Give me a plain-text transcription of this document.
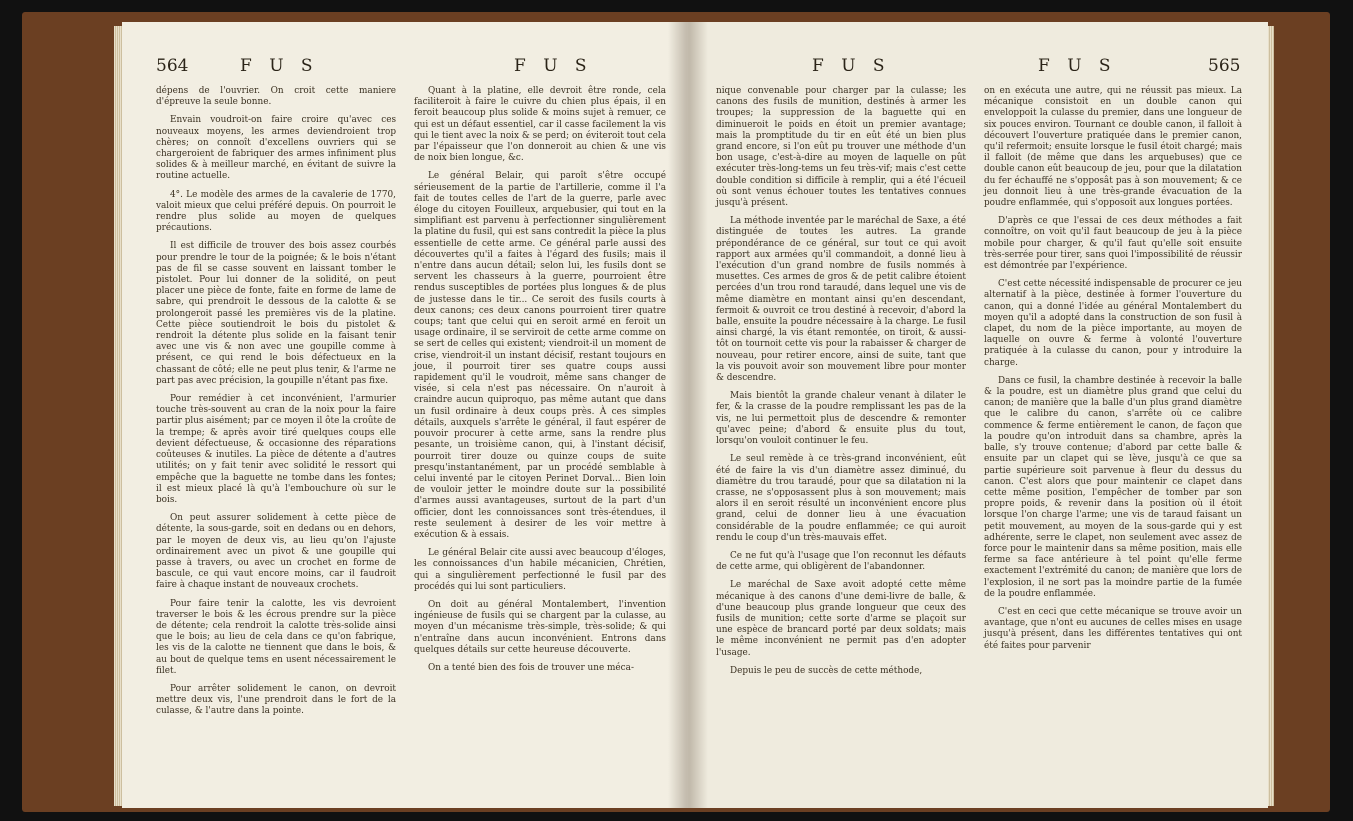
564	F U S	F U S

dépens de l'ouvrier. On croit cette maniere d'épreuve la seule bonne.

Envain voudroit-on faire croire qu'avec ces nouveaux moyens, les armes deviendroient trop chères; on connoît d'excellens ouvriers qui se chargeroient de fabriquer des armes infiniment plus solides & à meilleur marché, en évitant de suivre la routine actuelle.

4°. Le modèle des armes de la cavalerie de 1770, valoit mieux que celui préféré depuis. On pourroit le rendre plus solide au moyen de quelques précautions.

Il est difficile de trouver des bois assez courbés pour prendre le tour de la poignée; & le bois n'étant pas de fil se casse souvent en laissant tomber le pistolet. Pour lui donner de la solidité, on peut placer une pièce de fonte, faite en forme de lame de sabre, qui prendroit le dessous de la calotte & se prolongeroit passé les premières vis de la platine. Cette pièce soutiendroit le bois du pistolet & rendroit la détente plus solide en la faisant tenir avec une vis & non avec une goupille comme à présent, ce qui rend le bois défectueux en la chassant de côté; elle ne peut plus tenir, & l'arme ne part pas avec précision, la goupille n'étant pas fixe.

Pour remédier à cet inconvénient, l'armurier touche très-souvent au cran de la noix pour la faire partir plus aisément; par ce moyen il ôte la croûte de la trempe; & après avoir tiré quelques coups elle devient défectueuse, & occasionne des réparations coûteuses & inutiles. La pièce de détente a d'autres utilités; on y fait tenir avec solidité le ressort qui empêche que la baguette ne tombe dans les fontes; il est mieux placé là qu'à l'embouchure où sur le bois.

On peut assurer solidement à cette pièce de détente, la sous-garde, soit en dedans ou en dehors, par le moyen de deux vis, au lieu qu'on l'ajuste ordinairement avec un pivot & une goupille qui passe à travers, ou avec un crochet en forme de bascule, ce qui vaut encore moins, car il faudroit faire à chaque instant de nouveaux crochets.

Pour faire tenir la calotte, les vis devroient traverser le bois & les écrous prendre sur la pièce de détente; cela rendroit la calotte très-solide ainsi que le bois; au lieu de cela dans ce qu'on fabrique, les vis de la calotte ne tiennent que dans le bois, & au bout de quelque tems en usent nécessairement le filet.

Pour arrêter solidement le canon, on devroit mettre deux vis, l'une prendroit dans le fort de la culasse, & l'autre dans la pointe.

Quant à la platine, elle devroit être ronde, cela faciliteroit à faire le cuivre du chien plus épais, il en feroit beaucoup plus solide & moins sujet à remuer, ce qui est un défaut essentiel, car il casse facilement la vis qui le tient avec la noix & se perd; on éviteroit tout cela par l'épaisseur que l'on donneroit au chien & une vis de noix bien longue, &c.

Le général Belair, qui paroît s'être occupé sérieusement de la partie de l'artillerie, comme il l'a fait de toutes celles de l'art de la guerre, parle avec éloge du citoyen Fouilleux, arquebusier, qui tout en la simplifiant est parvenu à perfectionner singulièrement la platine du fusil, qui est sans contredit la pièce la plus essentielle de cette arme. Ce général parle aussi des découvertes qu'il a faites à l'égard des fusils; mais il n'entre dans aucun détail; selon lui, les fusils dont se servent les chasseurs à la guerre, pourroient être rendus susceptibles de portées plus longues & de plus de justesse dans le tir... Ce seroit des fusils courts à deux canons; ces deux canons pourroient tirer quatre coups; tant que celui qui en seroit armé en feroit un usage ordinaire, il se serviroit de cette arme comme on se sert de celles qui existent; viendroit-il un moment de crise, viendroit-il un instant décisif, restant toujours en joue, il pourroit tirer ses quatre coups aussi rapidement qu'il le voudroit, même sans changer de visée, si cela n'est pas nécessaire. On n'auroit à craindre aucun quiproquo, pas même autant que dans un fusil ordinaire à deux coups près. À ces simples détails, auxquels s'arrête le général, il faut espérer de pouvoir procurer à cette arme, sans la rendre plus pesante, un troisième canon, qui, à l'instant décisif, pourroit tirer douze ou quinze coups de suite presqu'instantanément, par un procédé semblable à celui inventé par le citoyen Perinet Dorval... Bien loin de vouloir jetter le moindre doute sur la possibilité d'armes aussi avantageuses, surtout de la part d'un officier, dont les connoissances sont très-étendues, il reste seulement à desirer de les voir mettre à exécution & à essais.

Le général Belair cite aussi avec beaucoup d'éloges, les connoissances d'un habile mécanicien, Chrétien, qui a singulièrement perfectionné le fusil par des procédés qui lui sont particuliers.

On doit au général Montalembert, l'invention ingénieuse de fusils qui se chargent par la culasse, au moyen d'un mécanisme très-simple, très-solide; & qui n'entraîne dans aucun inconvénient. Entrons dans quelques détails sur cette heureuse découverte.

On a tenté bien des fois de trouver une méca-

F U S	F U S	565

nique convenable pour charger par la culasse; les canons des fusils de munition, destinés à armer les troupes; la suppression de la baguette qui en diminueroit le poids en étoit un premier avantage; mais la promptitude du tir en eût été un bien plus grand encore, si l'on eût pu trouver une méthode d'un bon usage, c'est-à-dire au moyen de laquelle on pût exécuter très-long-tems un feu très-vif; mais c'est cette double condition si difficile à remplir, qui a été l'écueil où sont venus échouer toutes les tentatives connues jusqu'à présent.

La méthode inventée par le maréchal de Saxe, a été distinguée de toutes les autres. La grande prépondérance de ce général, sur tout ce qui avoit rapport aux armées qu'il commandoit, a donné lieu à l'exécution d'un grand nombre de fusils nommés à musettes. Ces armes de gros & de petit calibre étoient percées d'un trou rond taraudé, dans lequel une vis de même diamètre en montant ainsi qu'en descendant, fermoit & ouvroit ce trou destiné à recevoir, d'abord la balle, ensuite la poudre nécessaire à la charge. Le fusil ainsi chargé, la vis étant remontée, on tiroit, & aussi-tôt on tournoit cette vis pour la rabaisser & charger de nouveau, pour retirer encore, ainsi de suite, tant que la vis pouvoit avoir son mouvement libre pour monter & descendre.

Mais bientôt la grande chaleur venant à dilater le fer, & la crasse de la poudre remplissant les pas de la vis, ne lui permettoit plus de descendre & remonter qu'avec peine; d'abord & ensuite plus du tout, lorsqu'on vouloit continuer le feu.

Le seul remède à ce très-grand inconvénient, eût été de faire la vis d'un diamètre assez diminué, du diamètre du trou taraudé, pour que sa dilatation ni la crasse, ne s'opposassent plus à son mouvement; mais alors il en seroit résulté un inconvénient encore plus grand, celui de donner lieu à une évacuation considérable de la poudre enflammée; ce qui auroit rendu le coup d'un très-mauvais effet.

Ce ne fut qu'à l'usage que l'on reconnut les défauts de cette arme, qui obligèrent de l'abandonner.

Le maréchal de Saxe avoit adopté cette même mécanique à des canons d'une demi-livre de balle, & d'une beaucoup plus grande longueur que ceux des fusils de munition; cette sorte d'arme se plaçoit sur une espèce de brancard porté par deux soldats; mais le même inconvénient ne permit pas d'en adopter l'usage.

Depuis le peu de succès de cette méthode,

on en exécuta une autre, qui ne réussit pas mieux. La mécanique consistoit en un double canon qui enveloppoit la culasse du premier, dans une longueur de six pouces environ. Tournant ce double canon, il falloit à découvert l'ouverture pratiquée dans le premier canon, qu'il refermoit; ensuite lorsque le fusil étoit chargé; mais il falloit (de même que dans les arquebuses) que ce double canon eût beaucoup de jeu, pour que la dilatation du fer échauffé ne s'opposât pas à son mouvement; & ce jeu donnoit lieu à une très-grande évacuation de la poudre enflammée, qui s'opposoit aux longues portées.

D'après ce que l'essai de ces deux méthodes a fait connoître, on voit qu'il faut beaucoup de jeu à la pièce mobile pour charger, & qu'il faut qu'elle soit ensuite très-serrée pour tirer, sans quoi l'impossibilité de réussir est démontrée par l'expérience.

C'est cette nécessité indispensable de procurer ce jeu alternatif à la pièce, destinée à former l'ouverture du canon, qui a donné l'idée au général Montalembert du moyen qu'il a adopté dans la construction de son fusil à clapet, du nom de la pièce importante, au moyen de laquelle on ouvre & ferme à volonté l'ouverture pratiquée à la culasse du canon, pour y introduire la charge.

Dans ce fusil, la chambre destinée à recevoir la balle & la poudre, est un diamètre plus grand que celui du canon; de manière que la balle d'un plus grand diamètre que le calibre du canon, s'arrête où ce calibre commence & ferme entièrement le canon, de façon que la poudre qu'on introduit dans sa chambre, après la balle, s'y trouve contenue; d'abord par cette balle & ensuite par un clapet qui se lève, jusqu'à ce que sa partie supérieure soit parvenue à fleur du dessus du canon. C'est alors que pour maintenir ce clapet dans cette même position, l'empêcher de tomber par son propre poids, & revenir dans la position où il étoit lorsque l'on charge l'arme; une vis de taraud faisant un petit mouvement, au moyen de la sous-garde qui y est adhérente, serre le clapet, non seulement avec assez de force pour le maintenir dans sa même position, mais elle ferme sa face antérieure à tel point qu'elle ferme exactement l'extrémité du canon; de manière que lors de l'explosion, il ne sort pas la moindre partie de la fumée de la poudre enflammée.

C'est en ceci que cette mécanique se trouve avoir un avantage, que n'ont eu aucunes de celles mises en usage jusqu'à présent, dans les différentes tentatives qui ont été faites pour parvenir
